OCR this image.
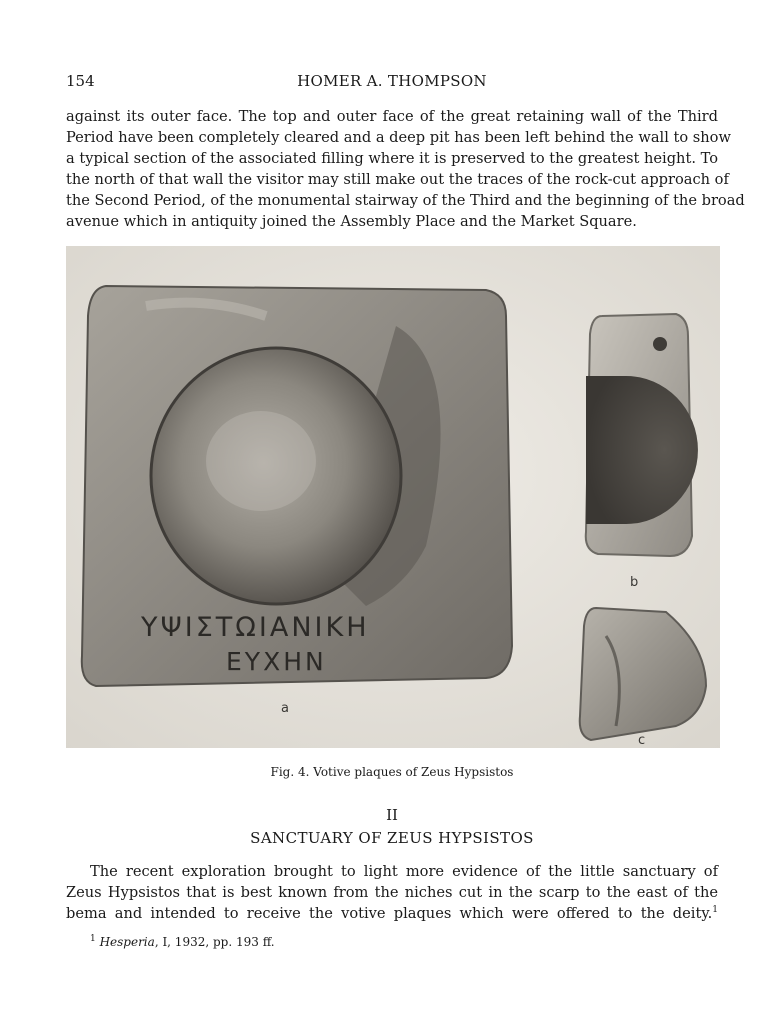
154	HOMER A. THOMPSON
against its outer face. The top and outer face of the great retaining wall of the Third
Period have been completely cleared and a deep pit has been left behind the wall to show
a typical section of the associated filling where it is preserved to the greatest height. To
the north of that wall the visitor may still make out the traces of the rock-cut approach of
the Second Period, of the monumental stairway of the Third and the beginning of the broad
avenue which in antiquity joined the Assembly Place and the Market Square.
ΥΨΙΣΤΩΙΑΝΙΚΗ
ΕΥΧΗΝ
a
b
c
Fig. 4. Votive plaques of Zeus Hypsistos
II
SANCTUARY OF ZEUS HYPSISTOS
The recent exploration brought to light more evidence of the little sanctuary of
Zeus Hypsistos that is best known from the niches cut in the scarp to the east of the
bema and intended to receive the votive plaques which were offered to the deity.$^1$
$^1$ Hesperia, I, 1932, pp. 193 ff.
